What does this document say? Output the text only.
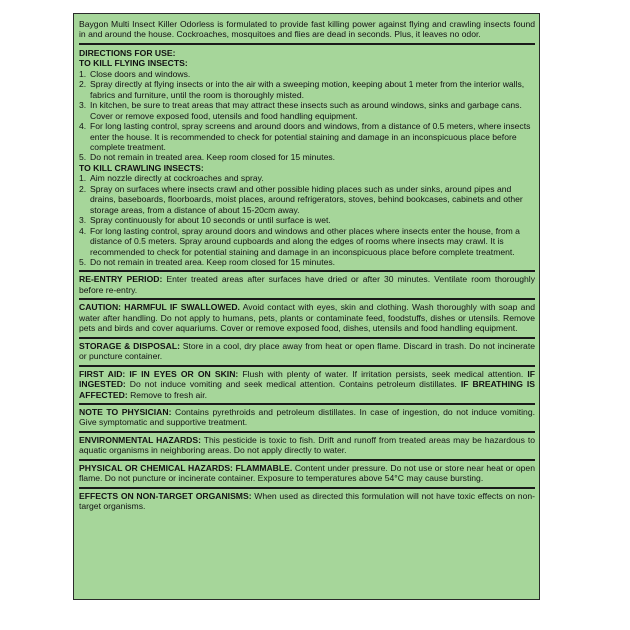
Baygon Multi Insect Killer Odorless is formulated to provide fast killing power against flying and crawling insects found in and around the house. Cockroaches, mosquitoes and flies are dead in seconds. Plus, it leaves no odor.

DIRECTIONS FOR USE:
TO KILL FLYING INSECTS:
1. Close doors and windows.
2. Spray directly at flying insects or into the air with a sweeping motion, keeping about 1 meter from the interior walls, fabrics and furniture, until the room is thoroughly misted.
3. In kitchen, be sure to treat areas that may attract these insects such as around windows, sinks and garbage cans. Cover or remove exposed food, utensils and food handling equipment.
4. For long lasting control, spray screens and around doors and windows, from a distance of 0.5 meters, where insects enter the house. It is recommended to check for potential staining and damage in an inconspicuous place before complete treatment.
5. Do not remain in treated area. Keep room closed for 15 minutes.
TO KILL CRAWLING INSECTS:
1. Aim nozzle directly at cockroaches and spray.
2. Spray on surfaces where insects crawl and other possible hiding places such as under sinks, around pipes and drains, baseboards, floorboards, moist places, around refrigerators, stoves, behind bookcases, cabinets and other storage areas, from a distance of about 15-20cm away.
3. Spray continuously for about 10 seconds or until surface is wet.
4. For long lasting control, spray around doors and windows and other places where insects enter the house, from a distance of 0.5 meters. Spray around cupboards and along the edges of rooms where insects may crawl. It is recommended to check for potential staining and damage in an inconspicuous place before complete treatment.
5. Do not remain in treated area. Keep room closed for 15 minutes.

RE-ENTRY PERIOD: Enter treated areas after surfaces have dried or after 30 minutes. Ventilate room thoroughly before re-entry.

CAUTION: HARMFUL IF SWALLOWED. Avoid contact with eyes, skin and clothing. Wash thoroughly with soap and water after handling. Do not apply to humans, pets, plants or contaminate feed, foodstuffs, dishes or utensils. Remove pets and birds and cover aquariums. Cover or remove exposed food, dishes, utensils and food handling equipment.

STORAGE & DISPOSAL: Store in a cool, dry place away from heat or open flame. Discard in trash. Do not incinerate or puncture container.

FIRST AID: IF IN EYES OR ON SKIN: Flush with plenty of water. If irritation persists, seek medical attention. IF INGESTED: Do not induce vomiting and seek medical attention. Contains petroleum distillates. IF BREATHING IS AFFECTED: Remove to fresh air.

NOTE TO PHYSICIAN: Contains pyrethroids and petroleum distillates. In case of ingestion, do not induce vomiting. Give symptomatic and supportive treatment.

ENVIRONMENTAL HAZARDS: This pesticide is toxic to fish. Drift and runoff from treated areas may be hazardous to aquatic organisms in neighboring areas. Do not apply directly to water.

PHYSICAL OR CHEMICAL HAZARDS: FLAMMABLE. Content under pressure. Do not use or store near heat or open flame. Do not puncture or incinerate container. Exposure to temperatures above 54°C may cause bursting.

EFFECTS ON NON-TARGET ORGANISMS: When used as directed this formulation will not have toxic effects on non-target organisms.
